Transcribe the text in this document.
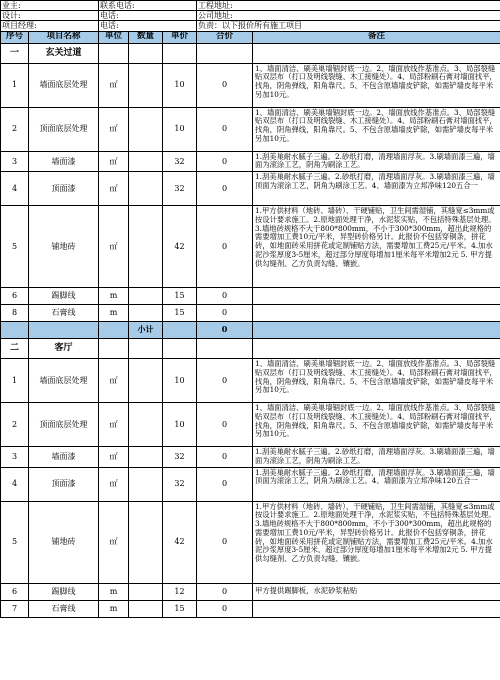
业主:		联系电话:			工程地址:	
设计:		电话:			公司地址:	
项目经理:		电话:			负责：以下报价所有施工项目	
序号	项目名称	单位	数量	单价	合价	备注
一	玄关过道					
1	墙面底层处理	㎡		10	0	1、墙面清洁、刷美巢墙锢封底一边。2、墙面放线作基准点。3、局部裂缝贴双层布（打口及明线裂缝、木工接缝处）。4、局部粉刷石膏对墙面找平，找角，阴角弹线，阳角靠尺。5、不包含原墙墙皮铲除，如需铲墙皮每平米另加10元。
2	顶面底层处理	㎡		10	0	1、墙面清洁、刷美巢墙锢封底一边。2、墙面放线作基准点。3、局部裂缝贴双层布（打口及明线裂缝、木工接缝处）。4、局部粉刷石膏对墙面找平，找角，阴角弹线，阳角靠尺。5、不包含原墙墙皮铲除，如需铲墙皮每平米另加10元。
3	墙面漆	㎡		32	0	1.刮美巢耐水腻子三遍。2.砂纸打磨，清理墙面浮灰。3.刷墙面漆三遍，墙面为滚涂工艺，阴角为刷涂工艺。
4	顶面漆	㎡		32	0	1.刮美巢耐水腻子三遍。2.砂纸打磨，清理墙面浮灰。3.刷墙面漆三遍，墙顶面为滚涂工艺，阴角为刷涂工艺。4、墙面漆为立邦净味120五合一
5	铺地砖	㎡		42	0	1.甲方供材料（地砖、墙砖）、干硬铺贴，卫生间需湿铺，其缝宽≤3mm或按设计要求施工。2.原地面处理干净，水泥浆实贴，不包括特殊基层处理。3.墙地砖规格不大于800*800mm，不小于300*300mm，超出此规格的需要增加工费10元/平米，异型砖价格另计。此报价不包括穿铜条，拼花砖，如地面砖采用拼花或定制铺贴方法，需要增加工费25元/平米。4.加水泥沙浆厚度3-5厘米，超过部分厚度每增加1厘米每平米增加2元 5. 甲方提供勾缝剂、乙方负责勾缝、镶嵌。
6	踢脚线	m		15	0	
8	石膏线	m		15	0	
			小计		0	
二	客厅					
1	墙面底层处理	㎡		10	0	1、墙面清洁、刷美巢墙锢封底一边。2、墙面放线作基准点。3、局部裂缝贴双层布（打口及明线裂缝、木工接缝处）。4、局部粉刷石膏对墙面找平，找角，阴角弹线，阳角靠尺。5、不包含原墙墙皮铲除，如需铲墙皮每平米另加10元。
2	顶面底层处理	㎡		10	0	1、墙面清洁、刷美巢墙锢封底一边。2、墙面放线作基准点。3、局部裂缝贴双层布（打口及明线裂缝、木工接缝处）。4、局部粉刷石膏对墙面找平，找角，阴角弹线，阳角靠尺。5、不包含原墙墙皮铲除，如需铲墙皮每平米另加10元。
3	墙面漆	㎡		32	0	1.刮美巢耐水腻子三遍。2.砂纸打磨，清理墙面浮灰。3.刷墙面漆三遍，墙面为滚涂工艺，阴角为刷涂工艺。
4	顶面漆	㎡		32	0	1.刮美巢耐水腻子三遍。2.砂纸打磨，清理墙面浮灰。3.刷墙面漆三遍，墙顶面为滚涂工艺，阴角为刷涂工艺。4、墙面漆为立邦净味120五合一
5	铺地砖	㎡		42	0	1.甲方供材料（地砖、墙砖）、干硬铺贴，卫生间需湿铺，其缝宽≤3mm或按设计要求施工。2.原地面处理干净，水泥浆实贴，不包括特殊基层处理。3.墙地砖规格不大于800*800mm，不小于300*300mm，超出此规格的需要增加工费10元/平米，异型砖价格另计。此报价不包括穿铜条，拼花砖，如地面砖采用拼花或定制铺贴方法，需要增加工费25元/平米。4.加水泥沙浆厚度3-5厘米，超过部分厚度每增加1厘米每平米增加2元 5. 甲方提供勾缝剂、乙方负责勾缝、镶嵌。
6	踢脚线	m		12	0	甲方提供踢脚板，水泥砂浆粘贴
7	石膏线	m		15	0	
